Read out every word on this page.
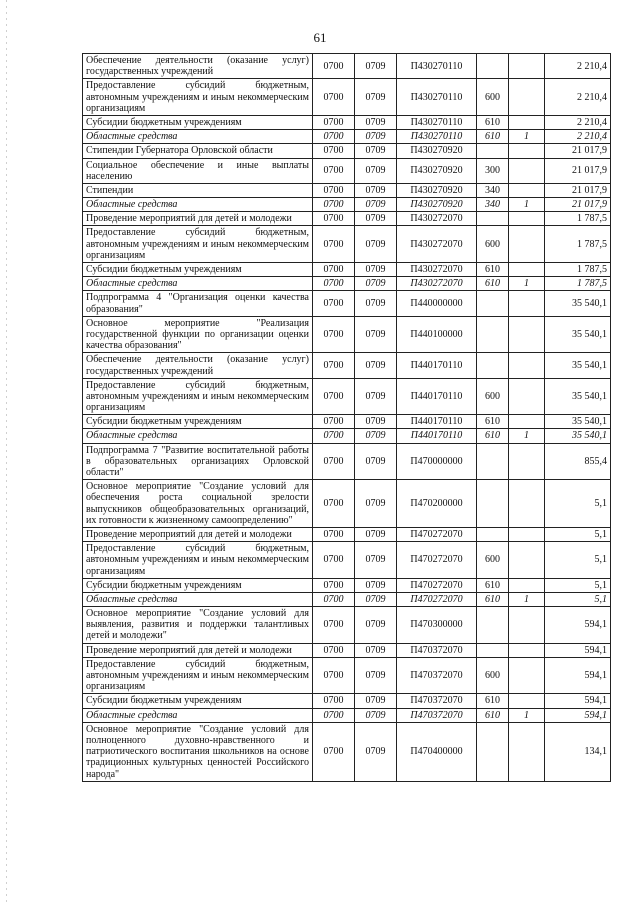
61
Обеспечение деятельности (оказание услуг) государственных учреждений	0700	0709	П430270110			2 210,4
Предоставление субсидий бюджетным, автономным учреждениям и иным некоммерческим организациям	0700	0709	П430270110	600		2 210,4
Субсидии бюджетным учреждениям	0700	0709	П430270110	610		2 210,4
Областные средства	0700	0709	П430270110	610	1	2 210,4
Стипендии Губернатора Орловской области	0700	0709	П430270920			21 017,9
Социальное обеспечение и иные выплаты населению	0700	0709	П430270920	300		21 017,9
Стипендии	0700	0709	П430270920	340		21 017,9
Областные средства	0700	0709	П430270920	340	1	21 017,9
Проведение мероприятий для детей и молодежи	0700	0709	П430272070			1 787,5
Предоставление субсидий бюджетным, автономным учреждениям и иным некоммерческим организациям	0700	0709	П430272070	600		1 787,5
Субсидии бюджетным учреждениям	0700	0709	П430272070	610		1 787,5
Областные средства	0700	0709	П430272070	610	1	1 787,5
Подпрограмма 4 "Организация оценки качества образования"	0700	0709	П440000000			35 540,1
Основное мероприятие "Реализация государственной функции по организации оценки качества образования"	0700	0709	П440100000			35 540,1
Обеспечение деятельности (оказание услуг) государственных учреждений	0700	0709	П440170110			35 540,1
Предоставление субсидий бюджетным, автономным учреждениям и иным некоммерческим организациям	0700	0709	П440170110	600		35 540,1
Субсидии бюджетным учреждениям	0700	0709	П440170110	610		35 540,1
Областные средства	0700	0709	П440170110	610	1	35 540,1
Подпрограмма 7 "Развитие воспитательной работы в образовательных организациях Орловской области"	0700	0709	П470000000			855,4
Основное мероприятие "Создание условий для обеспечения роста социальной зрелости выпускников общеобразовательных организаций, их готовности к жизненному самоопределению"	0700	0709	П470200000			5,1
Проведение мероприятий для детей и молодежи	0700	0709	П470272070			5,1
Предоставление субсидий бюджетным, автономным учреждениям и иным некоммерческим организациям	0700	0709	П470272070	600		5,1
Субсидии бюджетным учреждениям	0700	0709	П470272070	610		5,1
Областные средства	0700	0709	П470272070	610	1	5,1
Основное мероприятие "Создание условий для выявления, развития и поддержки талантливых детей и молодежи"	0700	0709	П470300000			594,1
Проведение мероприятий для детей и молодежи	0700	0709	П470372070			594,1
Предоставление субсидий бюджетным, автономным учреждениям и иным некоммерческим организациям	0700	0709	П470372070	600		594,1
Субсидии бюджетным учреждениям	0700	0709	П470372070	610		594,1
Областные средства	0700	0709	П470372070	610	1	594,1
Основное мероприятие "Создание условий для полноценного духовно-нравственного и патриотического воспитания школьников на основе традиционных культурных ценностей Российского народа"	0700	0709	П470400000			134,1
